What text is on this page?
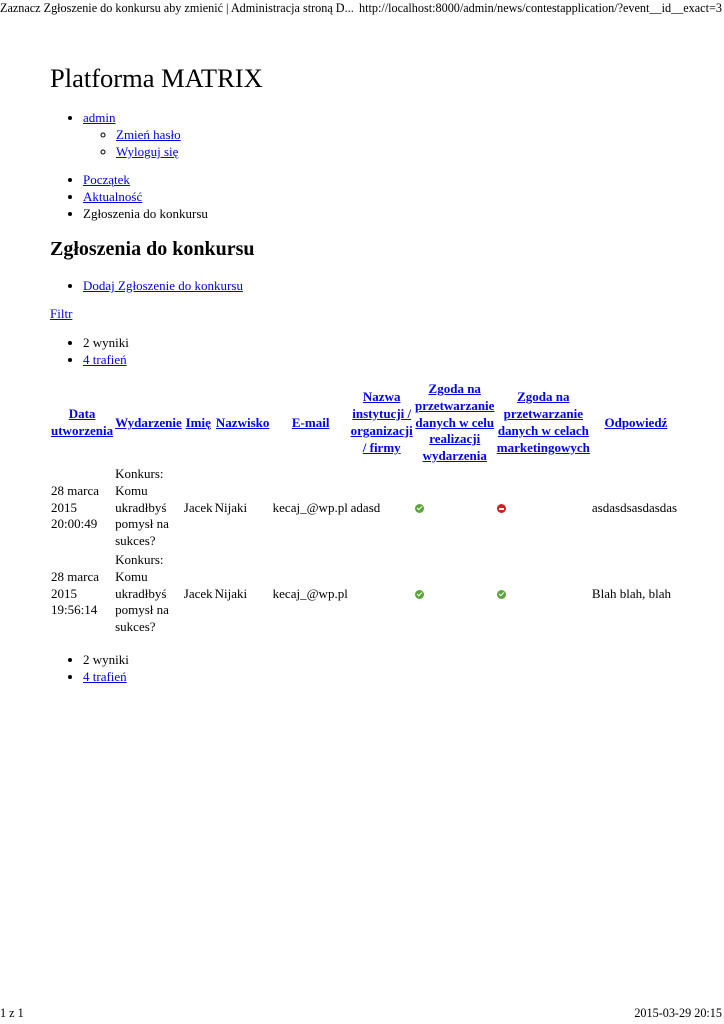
Zaznacz Zgłoszenie do konkursu aby zmienić | Administracja stroną D... http://localhost:8000/admin/news/contestapplication/?event__id__exact=3
Platforma MATRIX
• admin
◦ Zmień hasło
◦ Wyloguj się
• Początek
• Aktualność
• Zgłoszenia do konkursu
Zgłoszenia do konkursu
• Dodaj Zgłoszenie do konkursu
Filtr
• 2 wyniki
• 4 trafień
Data utworzenia	Wydarzenie	Imię	Nazwisko	E-mail	Nazwa instytucji / organizacji / firmy	Zgoda na przetwarzanie danych w celu realizacji wydarzenia	Zgoda na przetwarzanie danych w celach marketingowych	Odpowiedź
28 marca 2015 20:00:49	Konkurs: Komu ukradłbyś pomysł na sukces?	Jacek	Nijaki	kecaj_@wp.pl	adasd			asdasdsasdasdas
28 marca 2015 19:56:14	Konkurs: Komu ukradłbyś pomysł na sukces?	Jacek	Nijaki	kecaj_@wp.pl				Blah blah, blah
• 2 wyniki
• 4 trafień
1 z 1	2015-03-29 20:15
